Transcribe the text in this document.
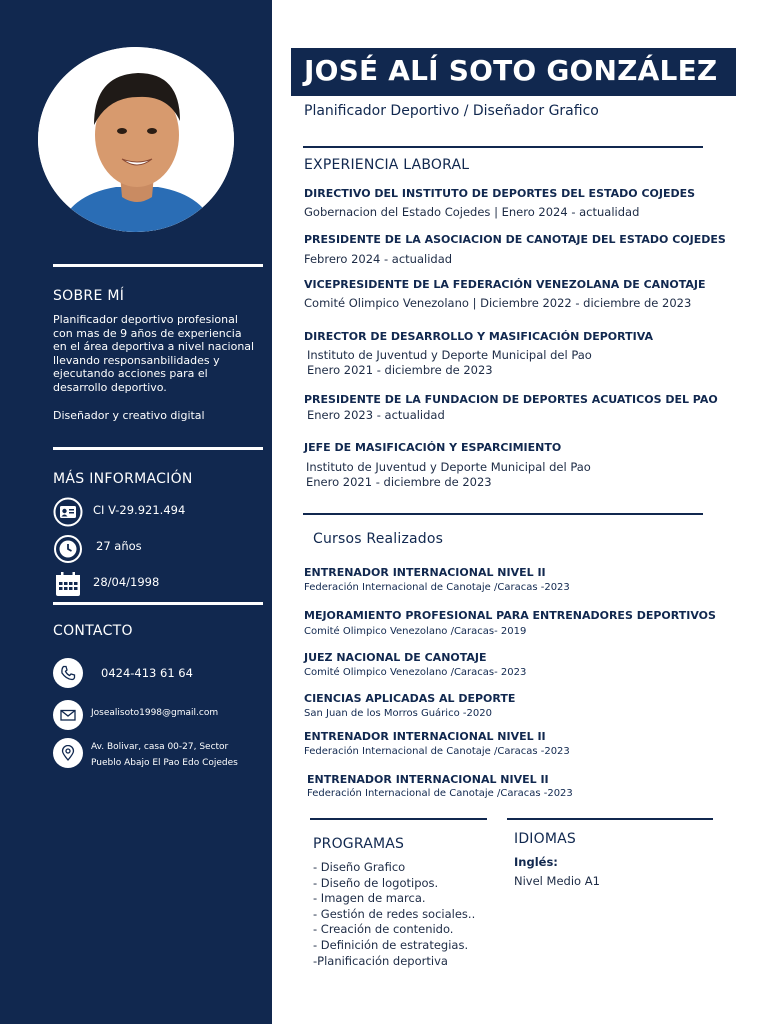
SOBRE MÍ
Planificador deportivo profesional
con mas de 9 años de experiencia
en el área deportiva a nivel nacional
llevando responsanbilidades y
ejecutando acciones para el
desarrollo deportivo.
Diseñador y creativo digital
MÁS INFORMACIÓN
CI V-29.921.494
27 años
28/04/1998
CONTACTO
0424-413 61 64
Josealisoto1998@gmail.com
Av. Bolivar, casa 00-27, Sector
Pueblo Abajo El Pao Edo Cojedes
JOSÉ ALÍ SOTO GONZÁLEZ
Planificador Deportivo / Diseñador Grafico
EXPERIENCIA LABORAL
DIRECTIVO DEL INSTITUTO DE DEPORTES DEL ESTADO COJEDES
Gobernacion del Estado Cojedes | Enero 2024 - actualidad
PRESIDENTE DE LA ASOCIACION DE CANOTAJE DEL ESTADO COJEDES
Febrero 2024 - actualidad
VICEPRESIDENTE DE LA FEDERACIÓN VENEZOLANA DE CANOTAJE
Comité Olimpico Venezolano | Diciembre 2022 - diciembre de 2023
DIRECTOR DE DESARROLLO Y MASIFICACIÓN DEPORTIVA
Instituto de Juventud y Deporte Municipal del Pao
Enero 2021 - diciembre de 2023
PRESIDENTE DE LA FUNDACION DE DEPORTES ACUATICOS DEL PAO
Enero 2023 - actualidad
JEFE DE MASIFICACIÓN Y ESPARCIMIENTO
Instituto de Juventud y Deporte Municipal del Pao
Enero 2021 - diciembre de 2023
Cursos Realizados
ENTRENADOR INTERNACIONAL NIVEL II
Federación Internacional de Canotaje /Caracas -2023
MEJORAMIENTO PROFESIONAL PARA ENTRENADORES DEPORTIVOS
Comité Olimpico Venezolano /Caracas- 2019
JUEZ NACIONAL DE CANOTAJE
Comité Olimpico Venezolano /Caracas- 2023
CIENCIAS APLICADAS AL DEPORTE
San Juan de los Morros Guárico -2020
ENTRENADOR INTERNACIONAL NIVEL II
Federación Internacional de Canotaje /Caracas -2023
ENTRENADOR INTERNACIONAL NIVEL II
Federación Internacional de Canotaje /Caracas -2023
PROGRAMAS
- Diseño Grafico
- Diseño de logotipos.
- Imagen de marca.
- Gestión de redes sociales..
- Creación de contenido.
- Definición de estrategias.
-Planificación deportiva
IDIOMAS
Inglés:
Nivel Medio A1
